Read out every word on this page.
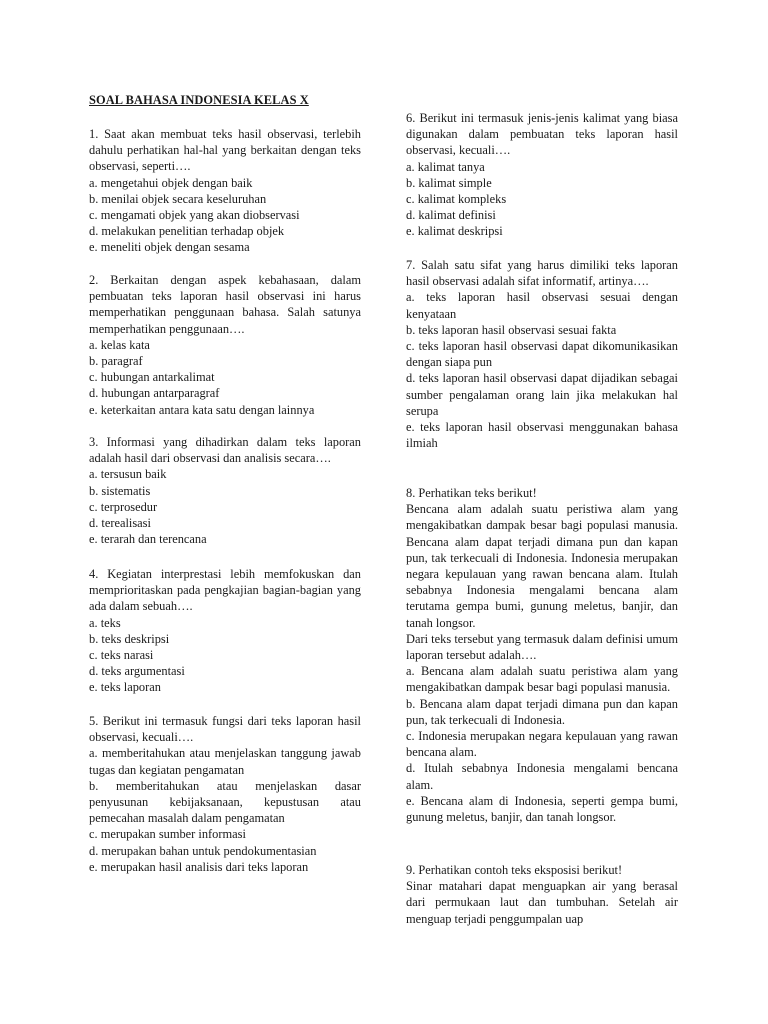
SOAL BAHASA INDONESIA KELAS X
1. Saat akan membuat teks hasil observasi, terlebih dahulu perhatikan hal-hal yang berkaitan dengan teks observasi, seperti….
a. mengetahui objek dengan baik
b. menilai objek secara keseluruhan
c. mengamati objek yang akan diobservasi
d. melakukan penelitian terhadap objek
e. meneliti objek dengan sesama
2. Berkaitan dengan aspek kebahasaan, dalam pembuatan teks laporan hasil observasi ini harus memperhatikan penggunaan bahasa. Salah satunya memperhatikan penggunaan….
a. kelas kata
b. paragraf
c. hubungan antarkalimat
d. hubungan antarparagraf
e. keterkaitan antara kata satu dengan lainnya
3. Informasi yang dihadirkan dalam teks laporan adalah hasil dari observasi dan analisis secara….
a. tersusun baik
b. sistematis
c. terprosedur
d. terealisasi
e. terarah dan terencana
4. Kegiatan interprestasi lebih memfokuskan dan memprioritaskan pada pengkajian bagian-bagian yang ada dalam sebuah….
a. teks
b. teks deskripsi
c. teks narasi
d. teks argumentasi
e. teks laporan
5. Berikut ini termasuk fungsi dari teks laporan hasil observasi, kecuali….
a. memberitahukan atau menjelaskan tanggung jawab tugas dan kegiatan pengamatan
b. memberitahukan atau menjelaskan dasar penyusunan kebijaksanaan, kepustusan atau pemecahan masalah dalam pengamatan
c. merupakan sumber informasi
d. merupakan bahan untuk pendokumentasian
e. merupakan hasil analisis dari teks laporan
6. Berikut ini termasuk jenis-jenis kalimat yang biasa digunakan dalam pembuatan teks laporan hasil observasi, kecuali….
a. kalimat tanya
b. kalimat simple
c. kalimat kompleks
d. kalimat definisi
e. kalimat deskripsi
7. Salah satu sifat yang harus dimiliki teks laporan hasil observasi adalah sifat informatif, artinya….
a. teks laporan hasil observasi sesuai dengan kenyataan
b. teks laporan hasil observasi sesuai fakta
c. teks laporan hasil observasi dapat dikomunikasikan dengan siapa pun
d. teks laporan hasil observasi dapat dijadikan sebagai sumber pengalaman orang lain jika melakukan hal serupa
e. teks laporan hasil observasi menggunakan bahasa ilmiah
8. Perhatikan teks berikut!
Bencana alam adalah suatu peristiwa alam yang mengakibatkan dampak besar bagi populasi manusia. Bencana alam dapat terjadi dimana pun dan kapan pun, tak terkecuali di Indonesia. Indonesia merupakan negara kepulauan yang rawan bencana alam. Itulah sebabnya Indonesia mengalami bencana alam terutama gempa bumi, gunung meletus, banjir, dan tanah longsor.
Dari teks tersebut yang termasuk dalam definisi umum laporan tersebut adalah….
a. Bencana alam adalah suatu peristiwa alam yang mengakibatkan dampak besar bagi populasi manusia.
b. Bencana alam dapat terjadi dimana pun dan kapan pun, tak terkecuali di Indonesia.
c. Indonesia merupakan negara kepulauan yang rawan bencana alam.
d. Itulah sebabnya Indonesia mengalami bencana alam.
e. Bencana alam di Indonesia, seperti gempa bumi, gunung meletus, banjir, dan tanah longsor.
9. Perhatikan contoh teks eksposisi berikut!
Sinar matahari dapat menguapkan air yang berasal dari permukaan laut dan tumbuhan. Setelah air menguap terjadi penggumpalan uap
